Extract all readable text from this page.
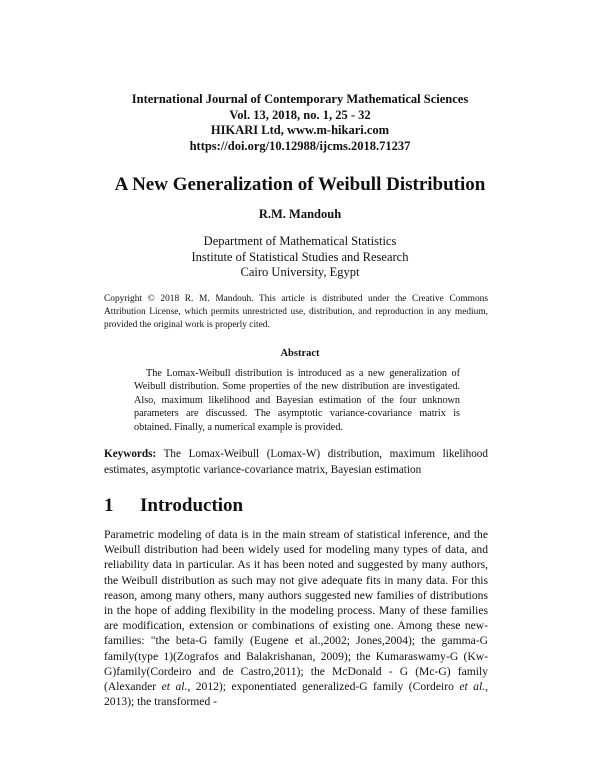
International Journal of Contemporary Mathematical Sciences
Vol. 13, 2018, no. 1, 25 - 32
HIKARI Ltd, www.m-hikari.com
https://doi.org/10.12988/ijcms.2018.71237
A New Generalization of Weibull Distribution
R.M. Mandouh
Department of Mathematical Statistics
Institute of Statistical Studies and Research
Cairo University, Egypt
Copyright © 2018 R. M. Mandouh. This article is distributed under the Creative Commons Attribution License, which permits unrestricted use, distribution, and reproduction in any medium, provided the original work is properly cited.
Abstract
The Lomax-Weibull distribution is introduced as a new generalization of Weibull distribution. Some properties of the new distribution are investigated. Also, maximum likelihood and Bayesian estimation of the four unknown parameters are discussed. The asymptotic variance-covariance matrix is obtained. Finally, a numerical example is provided.
Keywords: The Lomax-Weibull (Lomax-W) distribution, maximum likelihood estimates, asymptotic variance-covariance matrix, Bayesian estimation
1 Introduction
Parametric modeling of data is in the main stream of statistical inference, and the Weibull distribution had been widely used for modeling many types of data, and reliability data in particular. As it has been noted and suggested by many authors, the Weibull distribution as such may not give adequate fits in many data. For this reason, among many others, many authors suggested new families of distributions in the hope of adding flexibility in the modeling process. Many of these families are modification, extension or combinations of existing one. Among these new-families: "the beta-G family (Eugene et al.,2002; Jones,2004); the gamma-G family(type 1)(Zografos and Balakrishanan, 2009); the Kumaraswamy-G (Kw-G)family(Cordeiro and de Castro,2011); the McDonald - G (Mc-G) family (Alexander et al., 2012); exponentiated generalized-G family (Cordeiro et al., 2013); the transformed -
